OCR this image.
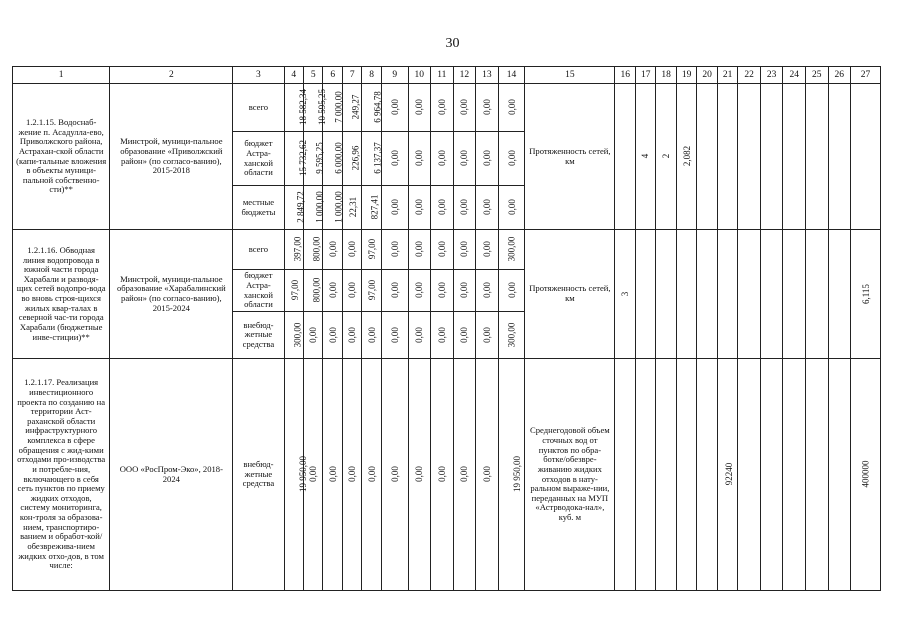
30
1	2	3	4	5	6	7	8	9	10	11	12	13	14	15	16	17	18	19	20	21	22	23	24	25	26	27
1.2.1.15. Водоснаб-жение п. Асадулла-ево, Приволжского района, Астрахан-ской области (капи-тальные вложения в объекты муници-пальной собственно-сти)**	Минстрой, муници-пальное образование «Приволжский район» (по согласо-ванию), 2015-2018	всего	18 582,34	10 595,25	7 000,00	249,27	6 964,78	0,00	0,00	0,00	0,00	0,00	0,00	Протяженность сетей, км		4	2	2,082								
		бюджет Астра-ханской области	15 732,62	9 595,25	6 000,00	226,96	6 137,37	0,00	0,00	0,00	0,00	0,00	0,00													
		местные бюджеты	2 849,72	1 000,00	1 000,00	22,31	827,41	0,00	0,00	0,00	0,00	0,00	0,00													
1.2.1.16. Обводная линия водопровода в южной части города Харабали и разводя-щих сетей водопро-вода во вновь строя-щихся жилых квар-талах в северной час-ти города Харабали (бюджетные инве-стиции)**	Минстрой, муници-пальное образование «Харабалинский район» (по согласо-ванию), 2015-2024	всего	397,00	800,00	0,00	0,00	97,00	0,00	0,00	0,00	0,00	0,00	300,00	Протяженность сетей, км	3											6,115
		бюджет Астра-ханской области	97,00	800,00	0,00	0,00	97,00	0,00	0,00	0,00	0,00	0,00	0,00													
		внебюд-жетные средства	300,00	0,00	0,00	0,00	0,00	0,00	0,00	0,00	0,00	0,00	300,00													
1.2.1.17. Реализация инвестиционного проекта по созданию на территории Аст-раханской области инфраструктурного комплекса в сфере обращения с жид-кими отходами про-изводства и потребле-ния, включающего в себя сеть пунктов по приему жидких отходов, систему мониторинга, кон-троля за образова-нием, транспортиро-ванием и обработ-кой/обезврежива-нием жидких отхо-дов, в том числе:	ООО «РосПром-Эко», 2018-2024	внебюд-жетные средства	19 950,00	0,00	0,00	0,00	0,00	0,00	0,00	0,00	0,00	0,00	19 950,00	Среднегодовой объем сточных вод от пунктов по обра-ботке/обезвре-живанию жидких отходов в нату-ральном выраже-нии, переданных на МУП «Астрводока-нал», куб. м						92240						400000
